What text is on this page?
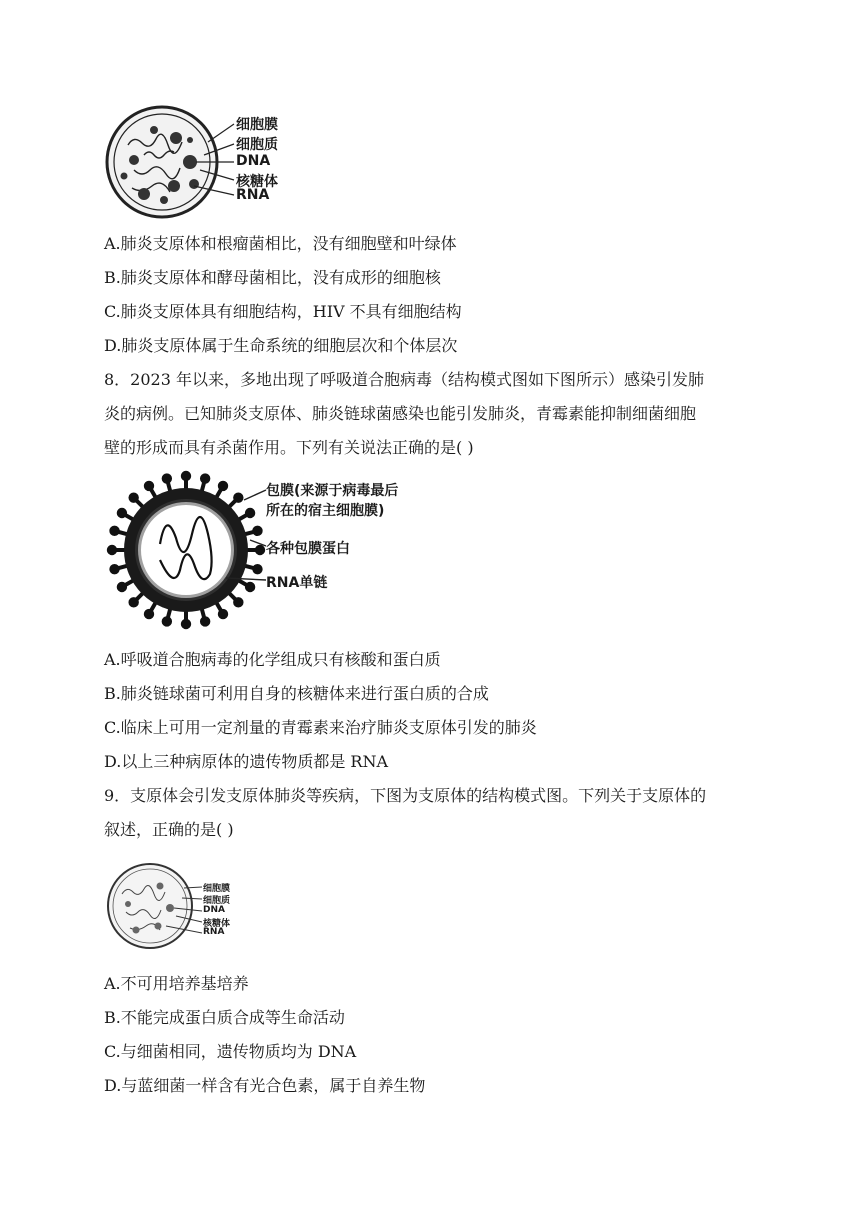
细胞膜
细胞质
DNA
核糖体
RNA
A.肺炎支原体和根瘤菌相比，没有细胞壁和叶绿体
B.肺炎支原体和酵母菌相比，没有成形的细胞核
C.肺炎支原体具有细胞结构，HIV 不具有细胞结构
D.肺炎支原体属于生命系统的细胞层次和个体层次
8．2023 年以来，多地出现了呼吸道合胞病毒（结构模式图如下图所示）感染引发肺
炎的病例。已知肺炎支原体、肺炎链球菌感染也能引发肺炎，青霉素能抑制细菌细胞
壁的形成而具有杀菌作用。下列有关说法正确的是( )
包膜(来源于病毒最后
所在的宿主细胞膜)
各种包膜蛋白
RNA单链
A.呼吸道合胞病毒的化学组成只有核酸和蛋白质
B.肺炎链球菌可利用自身的核糖体来进行蛋白质的合成
C.临床上可用一定剂量的青霉素来治疗肺炎支原体引发的肺炎
D.以上三种病原体的遗传物质都是 RNA
9．支原体会引发支原体肺炎等疾病，下图为支原体的结构模式图。下列关于支原体的
叙述，正确的是( )
细胞膜
细胞质
DNA
核糖体
RNA
A.不可用培养基培养
B.不能完成蛋白质合成等生命活动
C.与细菌相同，遗传物质均为 DNA
D.与蓝细菌一样含有光合色素，属于自养生物
